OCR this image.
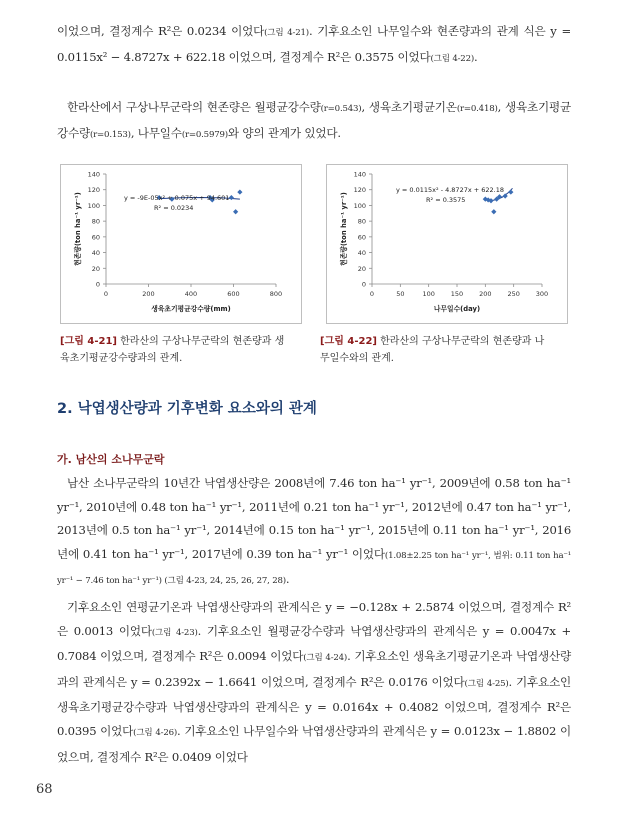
이었으며, 결정계수 R²은 0.0234 이었다(그림 4-21). 기후요소인 나무일수와 현존량과의 관계 식은 y = 0.0115x² − 4.8727x + 622.18 이었으며, 결정계수 R²은 0.3575 이었다(그림 4-22).

한라산에서 구상나무군락의 현존량은 월평균강수량(r=0.543), 생육초기평균기온(r=0.418), 생육초기평균강수량(r=0.153), 나무일수(r=0.5979)와 양의 관계가 있었다.

0
20
40
60
80
100
120
140
0	200	400	600	800
생육초기평균강수량(mm)
현존량(ton ha⁻¹ yr⁻¹)	y = -9E-05x² + 0.075x + 94.601
R² = 0.0234
0
20
40
60
80
100
120
140
0	50	100 150 200 250 300
나무일수(day)
현존량(ton ha⁻¹ yr⁻¹)
y = 0.0115x² - 4.8727x + 622.18
R² = 0.3575

[그림 4-21] 한라산의 구상나무군락의 현존량과 생
육초기평균강수량과의 관계.

[그림 4-22] 한라산의 구상나무군락의 현존량과 나
무일수와의 관계.

2. 낙엽생산량과 기후변화 요소와의 관계
가. 남산의 소나무군락

남산 소나무군락의 10년간 낙엽생산량은 2008년에 7.46 ton ha⁻¹ yr⁻¹, 2009년에 0.58 ton ha⁻¹ yr⁻¹, 2010년에 0.48 ton ha⁻¹ yr⁻¹, 2011년에 0.21 ton ha⁻¹ yr⁻¹, 2012년에 0.47 ton ha⁻¹ yr⁻¹, 2013년에 0.5 ton ha⁻¹ yr⁻¹, 2014년에 0.15 ton ha⁻¹ yr⁻¹, 2015년에 0.11 ton ha⁻¹ yr⁻¹, 2016년에 0.41 ton ha⁻¹ yr⁻¹, 2017년에 0.39 ton ha⁻¹ yr⁻¹ 이었다(1.08±2.25 ton ha⁻¹ yr⁻¹, 범위: 0.11 ton ha⁻¹ yr⁻¹ − 7.46 ton ha⁻¹ yr⁻¹) (그림 4-23, 24, 25, 26, 27, 28).

기후요소인 연평균기온과 낙엽생산량과의 관계식은 y = −0.128x + 2.5874 이었으며, 결정계수 R²은 0.0013 이었다(그림 4-23). 기후요소인 월평균강수량과 낙엽생산량과의 관계식은 y = 0.0047x + 0.7084 이었으며, 결정계수 R²은 0.0094 이었다(그림 4-24). 기후요소인 생육초기평균기온과 낙엽생산량과의 관계식은 y = 0.2392x − 1.6641 이었으며, 결정계수 R²은 0.0176 이었다(그림 4-25). 기후요소인 생육초기평균강수량과 낙엽생산량과의 관계식은 y = 0.0164x + 0.4082 이었으며, 결정계수 R²은 0.0395 이었다(그림 4-26). 기후요소인 나무일수와 낙엽생산량과의 관계식은 y = 0.0123x − 1.8802 이었으며, 결정계수 R²은 0.0409 이었다

68
